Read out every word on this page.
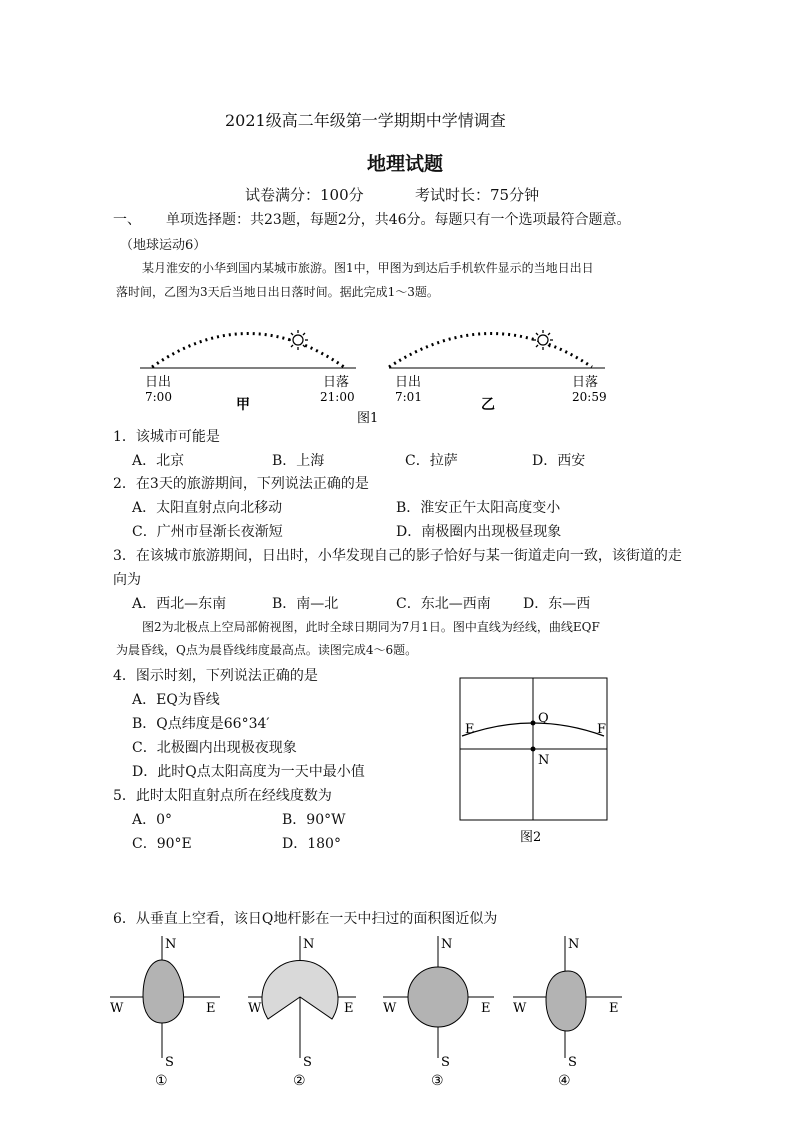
2021级高二年级第一学期期中学情调查
地理试题
试卷满分：100分	考试时长：75分钟
一、 单项选择题：共23题，每题2分，共46分。每题只有一个选项最符合题意。
（地球运动6）
某月淮安的小华到国内某城市旅游。图1中，甲图为到达后手机软件显示的当地日出日
落时间，乙图为3天后当地日出日落时间。据此完成1～3题。
日出
7:00
日落
21:00
甲
日出
7:01
日落
20:59
乙
图1
1．该城市可能是
A．北京	B．上海	C．拉萨	D．西安
2．在3天的旅游期间，下列说法正确的是
A．太阳直射点向北移动	B．淮安正午太阳高度变小
C．广州市昼渐长夜渐短	D．南极圈内出现极昼现象
3．在该城市旅游期间，日出时，小华发现自己的影子恰好与某一街道走向一致，该街道的走
向为
A．西北—东南	B．南—北	C．东北—西南 D．东—西
图2为北极点上空局部俯视图，此时全球日期同为7月1日。图中直线为经线，曲线EQF
为晨昏线，Q点为晨昏线纬度最高点。读图完成4～6题。
4．图示时刻，下列说法正确的是
A．EQ为昏线
B．Q点纬度是66°34′
C．北极圈内出现极夜现象
D．此时Q点太阳高度为一天中最小值
5．此时太阳直射点所在经线度数为
A．0°	B．90°W
C．90°E	D．180°
E
Q
F
N
图2
6．从垂直上空看，该日Q地杆影在一天中扫过的面积图近似为
N
W	E
S
①
N
W	E
S
②
N
W	E
S
③
N
W	E
S
④
